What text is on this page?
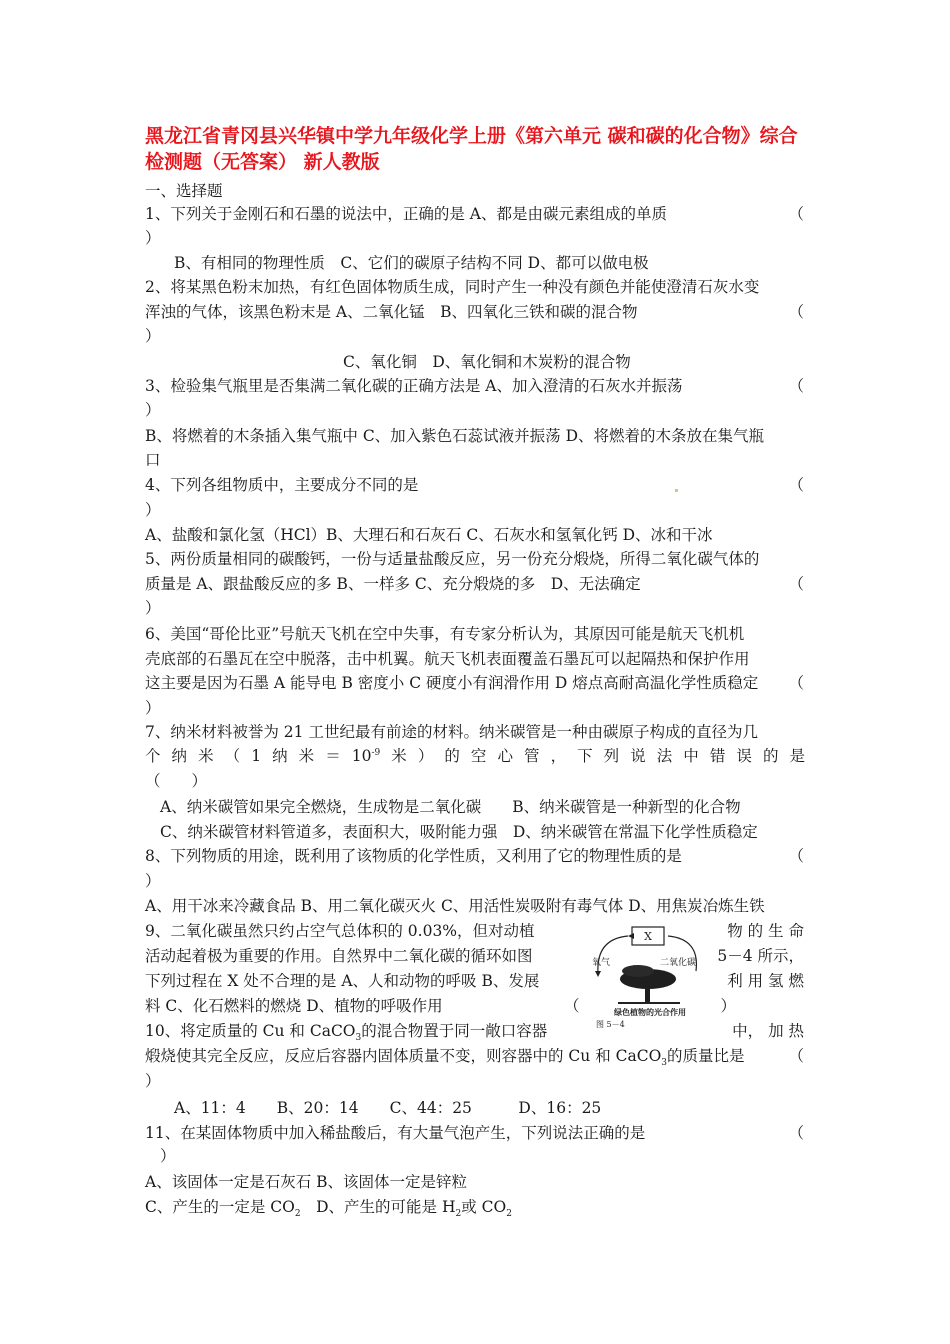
黑龙江省青冈县兴华镇中学九年级化学上册《第六单元 碳和碳的化合物》综合检测题（无答案） 新人教版
一、选择题
1、下列关于金刚石和石墨的说法中，正确的是 A、都是由碳元素组成的单质	（
）
B、有相同的物理性质　C、它们的碳原子结构不同 D、都可以做电极
2、将某黑色粉末加热，有红色固体物质生成，同时产生一种没有颜色并能使澄清石灰水变
浑浊的气体，该黑色粉末是 A、二氧化锰　B、四氧化三铁和碳的混合物	（
）
C、氧化铜　D、氧化铜和木炭粉的混合物
3、检验集气瓶里是否集满二氧化碳的正确方法是 A、加入澄清的石灰水并振荡	（
）
B、将燃着的木条插入集气瓶中 C、加入紫色石蕊试液并振荡 D、将燃着的木条放在集气瓶
口
4、下列各组物质中，主要成分不同的是	（
）
A、盐酸和氯化氢（HCl）B、大理石和石灰石 C、石灰水和氢氧化钙 D、冰和干冰
5、两份质量相同的碳酸钙，一份与适量盐酸反应，另一份充分煅烧，所得二氧化碳气体的
质量是 A、跟盐酸反应的多 B、一样多 C、充分煅烧的多　D、无法确定	（
）
6、美国“哥伦比亚”号航天飞机在空中失事，有专家分析认为，其原因可能是航天飞机机
壳底部的石墨瓦在空中脱落，击中机翼。航天飞机表面覆盖石墨瓦可以起隔热和保护作用
这主要是因为石墨 A 能导电 B 密度小 C 硬度小有润滑作用 D 熔点高耐高温化学性质稳定 （
）
7、纳米材料被誉为 21 工世纪最有前途的材料。纳米碳管是一种由碳原子构成的直径为几
个 纳 米 （ 1 纳 米 ＝ $10^{-9}$ 米 ） 的 空 心 管 ， 下 列 说 法 中 错 误 的 是
（　　）
A、纳米碳管如果完全燃烧，生成物是二氧化碳　　B、纳米碳管是一种新型的化合物
C、纳米碳管材料管道多，表面积大，吸附能力强　D、纳米碳管在常温下化学性质稳定
8、下列物质的用途，既利用了该物质的化学性质，又利用了它的物理性质的是	（
）
A、用干冰来冷藏食品 B、用二氧化碳灭火 C、用活性炭吸附有毒气体 D、用焦炭冶炼生铁
9、二氧化碳虽然只约占空气总体积的 0.03%，但对动植	物 的 生 命
活动起着极为重要的作用。自然界中二氧化碳的循环如图	5－4 所示，
下列过程在 X 处不合理的是 A、人和动物的呼吸 B、发展	利 用 氢 燃
料 C、化石燃料的燃烧 D、植物的呼吸作用	（	）
X
氧气	二氧化碳
绿色植物的光合作用
图 5－4
10、将定质量的 Cu 和 CaCO$_3$的混合物置于同一敞口容器	中， 加 热
煅烧使其完全反应，反应后容器内固体质量不变，则容器中的 Cu 和 CaCO$_3$的质量比是	（
）
A、11：4　　B、20：14　　C、44：25　　　D、16：25
11、在某固体物质中加入稀盐酸后，有大量气泡产生，下列说法正确的是	（
）
A、该固体一定是石灰石 B、该固体一定是锌粒
C、产生的一定是 $CO_2$　D、产生的可能是 $H_2$或 $CO_2$
